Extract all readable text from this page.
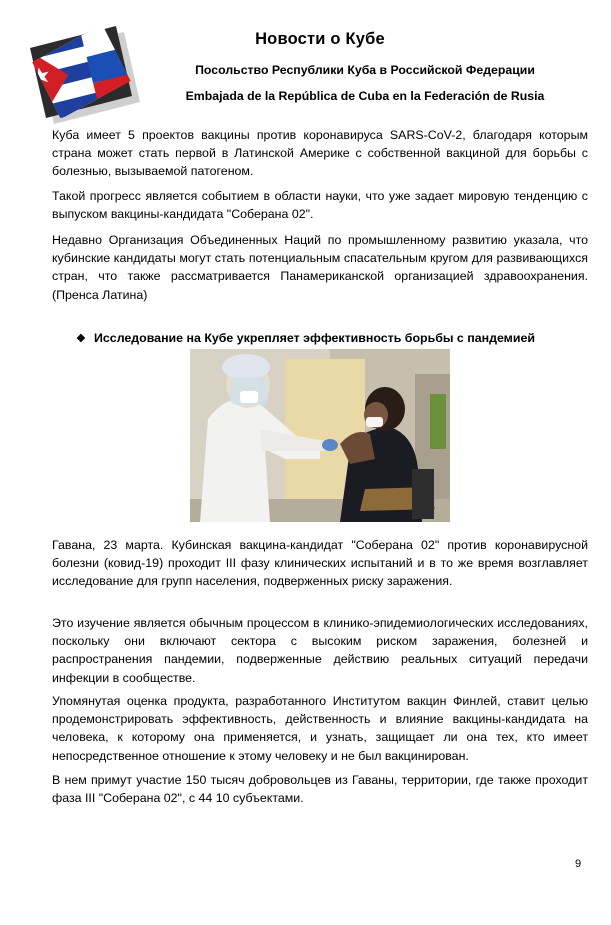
Новости о Кубе
Посольство Республики Куба в Российской Федерации
Embajada de la República de Cuba en la Federación de Rusia

Куба имеет 5 проектов вакцины против коронавируса SARS-CoV-2, благодаря которым страна может стать первой в Латинской Америке с собственной вакциной для борьбы с болезнью, вызываемой патогеном.

Такой прогресс является событием в области науки, что уже задает мировую тенденцию с выпуском вакцины-кандидата "Соберана 02".

Недавно Организация Объединенных Наций по промышленному развитию указала, что кубинские кандидаты могут стать потенциальным спасательным кругом для развивающихся стран, что также рассматривается Панамериканской организацией здравоохранения. (Пренса Латина)

❖ Исследование на Кубе укрепляет эффективность борьбы с пандемией

Гавана, 23 марта. Кубинская вакцина-кандидат "Соберана 02" против коронавирусной болезни (ковид-19) проходит III фазу клинических испытаний и в то же время возглавляет исследование для групп населения, подверженных риску заражения.

Это изучение является обычным процессом в клинико-эпидемиологических исследованиях, поскольку они включают сектора с высоким риском заражения, болезней и распространения пандемии, подверженные действию реальных ситуаций передачи инфекции в сообществе.

Упомянутая оценка продукта, разработанного Институтом вакцин Финлей, ставит целью продемонстрировать эффективность, действенность и влияние вакцины-кандидата на человека, к которому она применяется, и узнать, защищает ли она тех, кто имеет непосредственное отношение к этому человеку и не был вакцинирован.

В нем примут участие 150 тысяч добровольцев из Гаваны, территории, где также проходит фаза III "Соберана 02", с 44 10 субъектами.

9
